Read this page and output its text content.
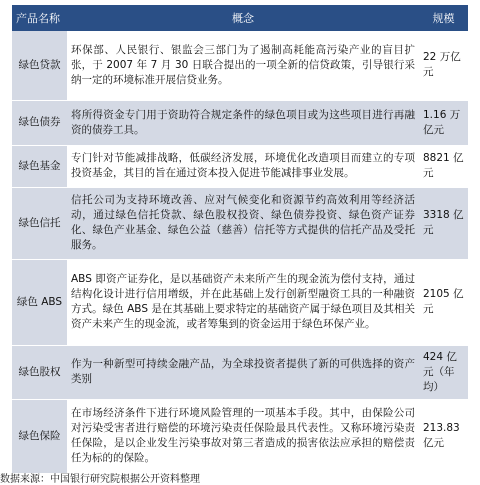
产品名称	概念	规模
绿色贷款	环保部、人民银行、银监会三部门为了遏制高耗能高污染产业的盲目扩张，于 2007 年 7 月 30 日联合提出的一项全新的信贷政策，引导银行采纳一定的环境标准开展信贷业务。	22 万亿元
绿色债券	将所得资金专门用于资助符合规定条件的绿色项目或为这些项目进行再融资的债券工具。	1.16 万亿元
绿色基金	专门针对节能减排战略，低碳经济发展，环境优化改造项目而建立的专项投资基金，其目的旨在通过资本投入促进节能减排事业发展。	8821 亿元
绿色信托	信托公司为支持环境改善、应对气候变化和资源节约高效利用等经济活动，通过绿色信托贷款、绿色股权投资、绿色债券投资、绿色资产证券化、绿色产业基金、绿色公益（慈善）信托等方式提供的信托产品及受托服务。	3318 亿元
绿色 ABS	ABS 即资产证券化，是以基础资产未来所产生的现金流为偿付支持，通过结构化设计进行信用增级，并在此基础上发行创新型融资工具的一种融资方式。绿色 ABS 是在其基础上要求特定的基础资产属于绿色项目及其相关资产未来产生的现金流，或者筹集到的资金运用于绿色环保产业。	2105 亿元
绿色股权	作为一种新型可持续金融产品，为全球投资者提供了新的可供选择的资产类别	424 亿元（年均）
绿色保险	在市场经济条件下进行环境风险管理的一项基本手段。其中，由保险公司对污染受害者进行赔偿的环境污染责任保险最具代表性。又称环境污染责任保险，是以企业发生污染事故对第三者造成的损害依法应承担的赔偿责任为标的的保险。	213.83 亿元
数据来源：中国银行研究院根据公开资料整理
